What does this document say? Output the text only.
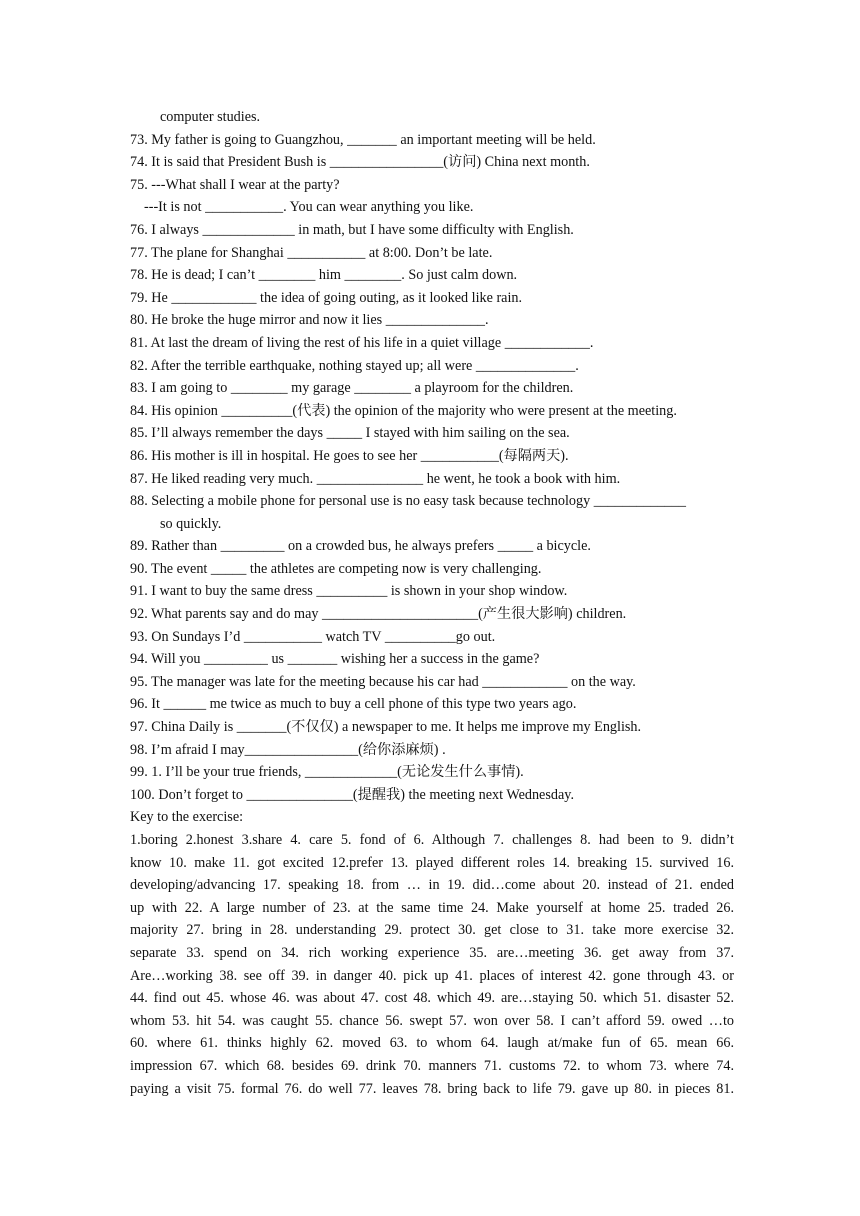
computer studies.
73. My father is going to Guangzhou, _______ an important meeting will be held.
74. It is said that President Bush is ________________(访问) China next month.
75. ---What shall I wear at the party?
---It is not ___________. You can wear anything you like.
76. I always _____________ in math, but I have some difficulty with English.
77. The plane for Shanghai ___________ at 8:00. Don’t be late.
78. He is dead; I can’t ________ him ________. So just calm down.
79. He ____________ the idea of going outing, as it looked like rain.
80. He broke the huge mirror and now it lies ______________.
81. At last the dream of living the rest of his life in a quiet village ____________.
82. After the terrible earthquake, nothing stayed up; all were ______________.
83. I am going to ________ my garage ________ a playroom for the children.
84. His opinion __________(代表) the opinion of the majority who were present at the meeting.
85. I’ll always remember the days _____ I stayed with him sailing on the sea.
86. His mother is ill in hospital. He goes to see her ___________(每隔两天).
87. He liked reading very much. _______________ he went, he took a book with him.
88. Selecting a mobile phone for personal use is no easy task because technology _____________
so quickly.
89. Rather than _________ on a crowded bus, he always prefers _____ a bicycle.
90. The event _____ the athletes are competing now is very challenging.
91. I want to buy the same dress __________ is shown in your shop window.
92. What parents say and do may ______________________(产生很大影响) children.
93. On Sundays I’d ___________ watch TV __________go out.
94. Will you _________ us _______ wishing her a success in the game?
95. The manager was late for the meeting because his car had ____________ on the way.
96. It ______ me twice as much to buy a cell phone of this type two years ago.
97. China Daily is _______(不仅仅) a newspaper to me. It helps me improve my English.
98. I’m afraid I may________________(给你添麻烦) .
99. 1. I’ll be your true friends, _____________(无论发生什么事情).
100. Don’t forget to _______________(提醒我) the meeting next Wednesday.
Key to the exercise:
1.boring 2.honest 3.share 4. care 5. fond of 6. Although 7. challenges 8. had been to 9. didn’t
know 10. make 11. got excited 12.prefer 13. played different roles 14. breaking 15. survived 16.
developing/advancing 17. speaking 18. from … in 19. did…come about 20. instead of 21. ended
up with 22. A large number of 23. at the same time 24. Make yourself at home 25. traded 26.
majority 27. bring in 28. understanding 29. protect 30. get close to 31. take more exercise 32.
separate 33. spend on 34. rich working experience 35. are…meeting 36. get away from 37.
Are…working 38. see off 39. in danger 40. pick up 41. places of interest 42. gone through 43. or
44. find out 45. whose 46. was about 47. cost 48. which 49. are…staying 50. which 51. disaster 52.
whom 53. hit 54. was caught 55. chance 56. swept 57. won over 58. I can’t afford 59. owed …to
60. where 61. thinks highly 62. moved 63. to whom 64. laugh at/make fun of 65. mean 66.
impression 67. which 68. besides 69. drink 70. manners 71. customs 72. to whom 73. where 74.
paying a visit 75. formal 76. do well 77. leaves 78. bring back to life 79. gave up 80. in pieces 81.
